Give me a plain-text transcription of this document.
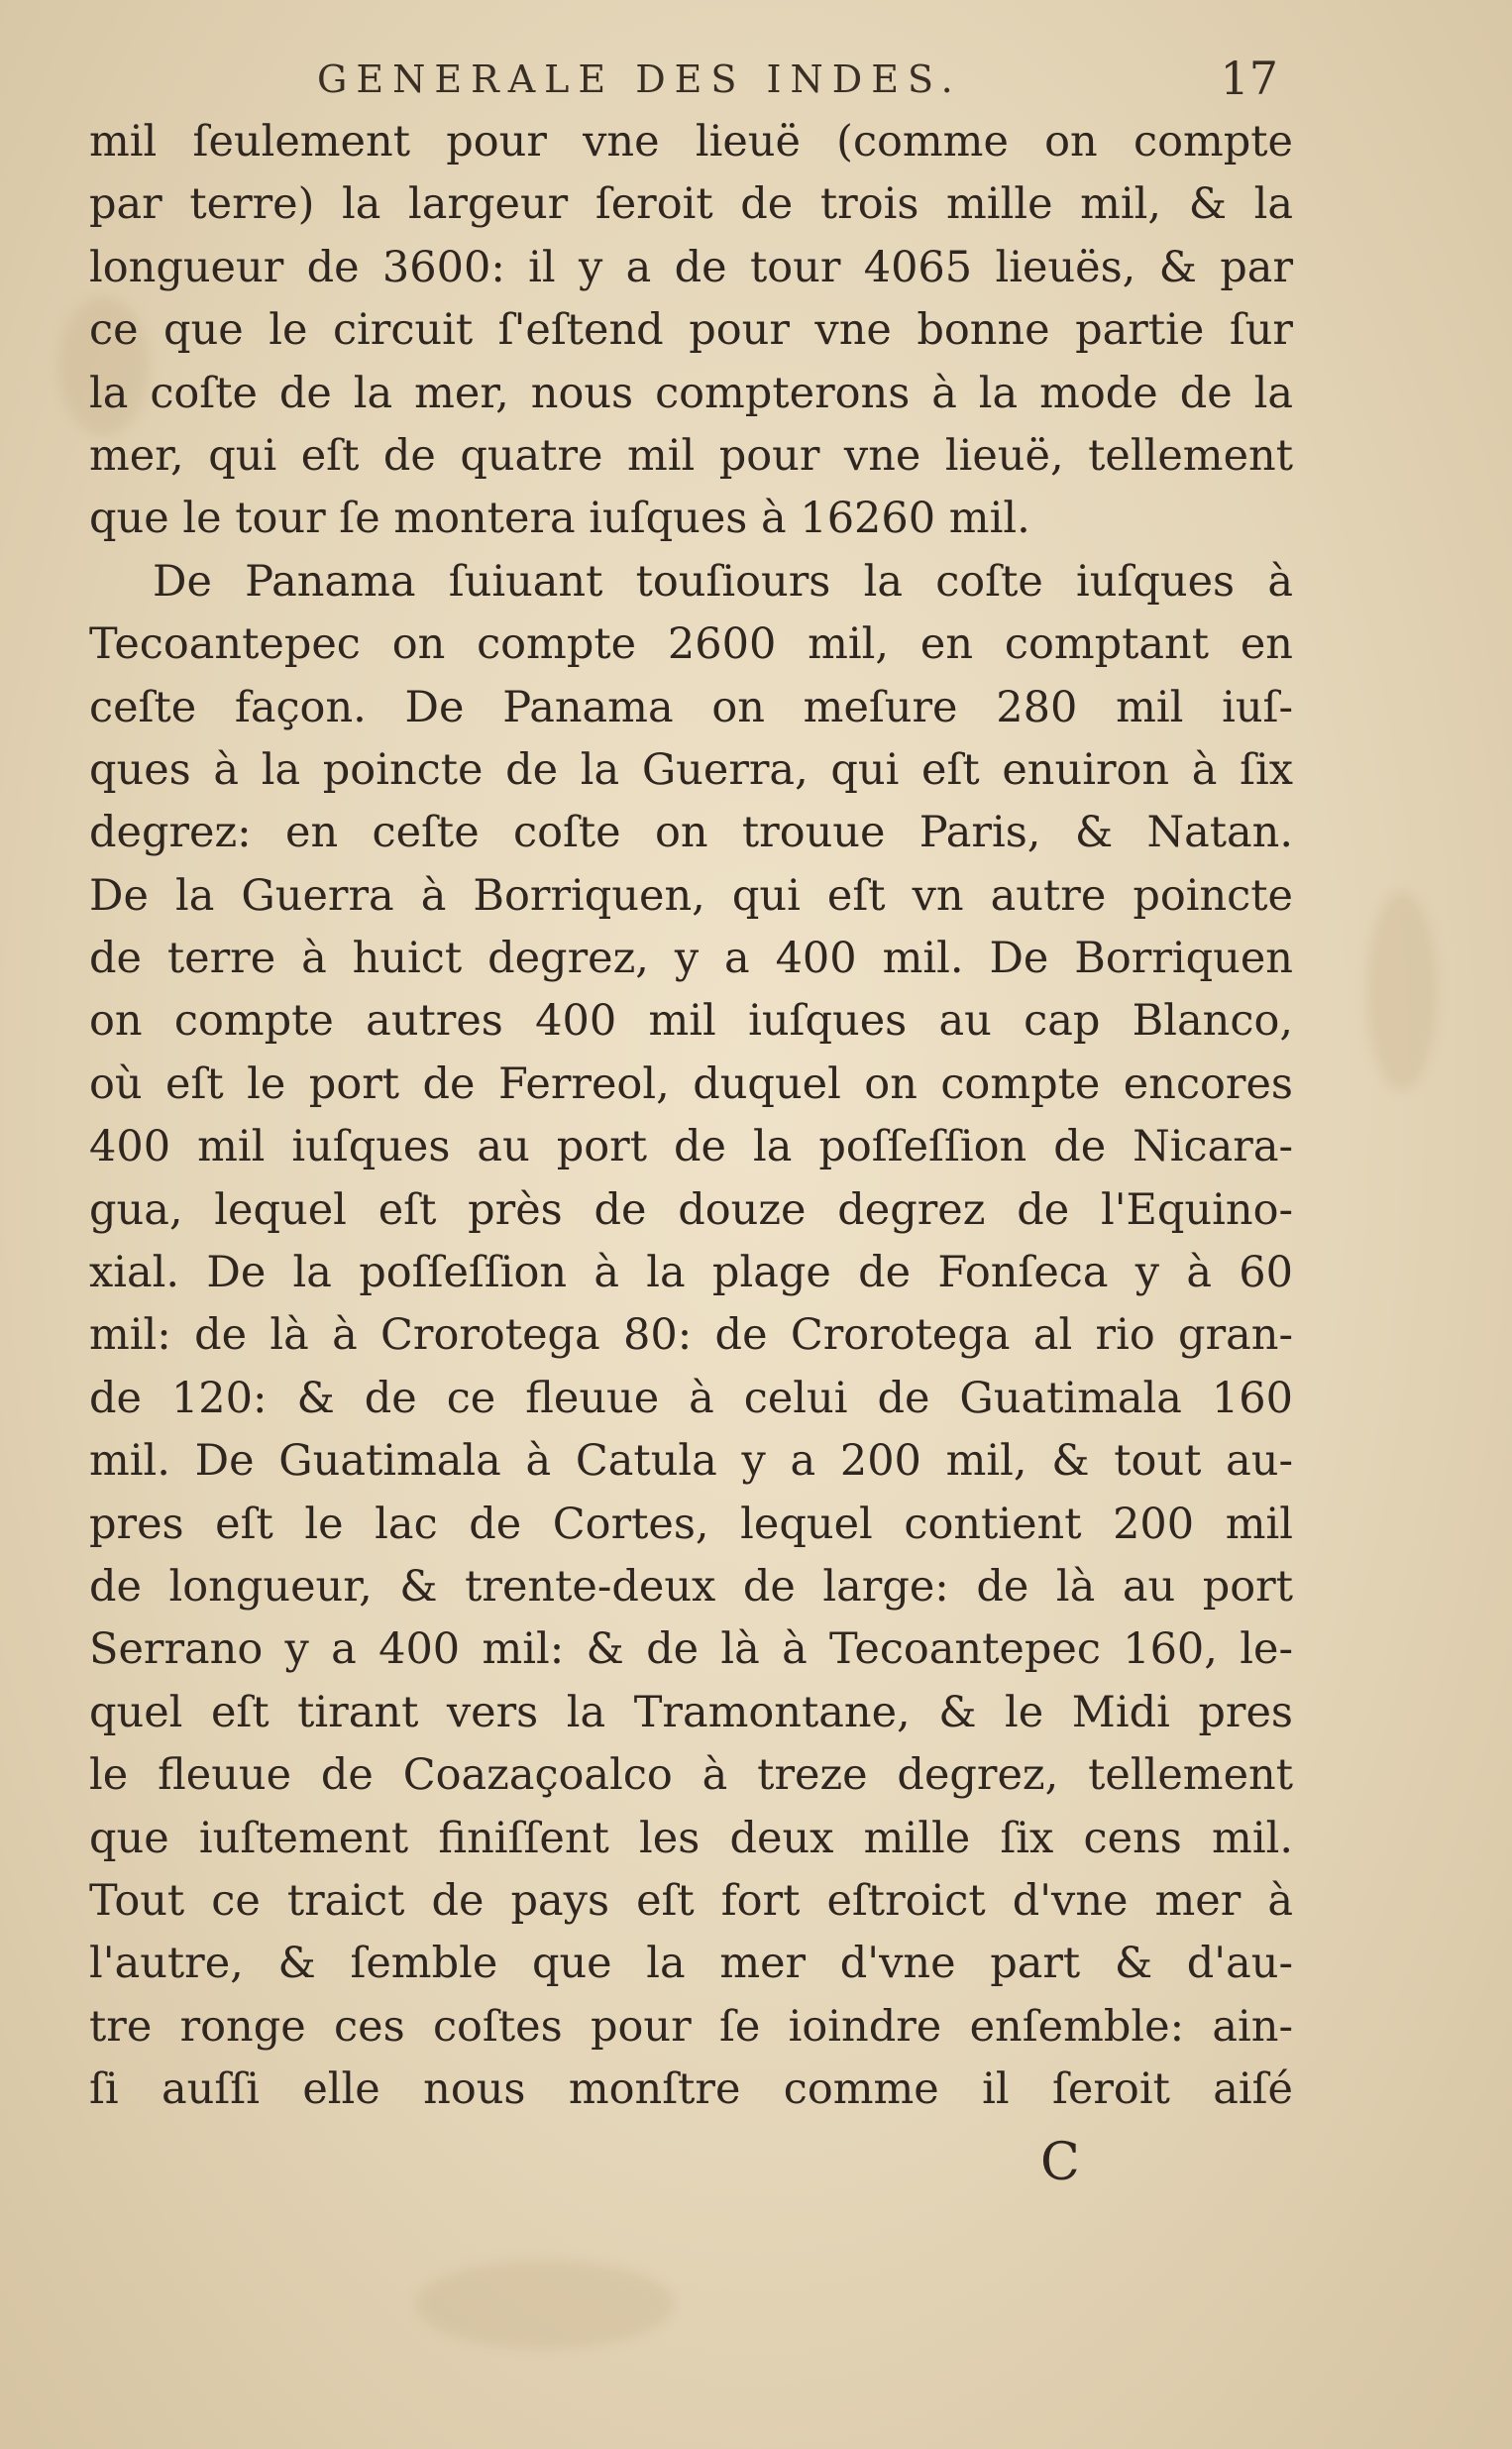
GENERALE DES INDES.	17
mil ſeulement pour vne lieuë (comme on compte
par terre) la largeur ſeroit de trois mille mil, & la
longueur de 3600: il y a de tour 4065 lieuës, & par
ce que le circuit ſ'eſtend pour vne bonne partie ſur
la coſte de la mer, nous compterons à la mode de la
mer, qui eſt de quatre mil pour vne lieuë, tellement
que le tour ſe montera iuſques à 16260 mil.
De Panama ſuiuant touſiours la coſte iuſques à
Tecoantepec on compte 2600 mil, en comptant en
ceſte façon. De Panama on meſure 280 mil iuſ-
ques à la poincte de la Guerra, qui eſt enuiron à ſix
degrez: en ceſte coſte on trouue Paris, & Natan.
De la Guerra à Borriquen, qui eſt vn autre poincte
de terre à huict degrez, y a 400 mil. De Borriquen
on compte autres 400 mil iuſques au cap Blanco,
où eſt le port de Ferreol, duquel on compte encores
400 mil iuſques au port de la poſſeſſion de Nicara-
gua, lequel eſt près de douze degrez de l'Equino-
xial. De la poſſeſſion à la plage de Fonſeca y à 60
mil: de là à Crorotega 80: de Crorotega al rio gran-
de 120: & de ce fleuue à celui de Guatimala 160
mil. De Guatimala à Catula y a 200 mil, & tout au-
pres eſt le lac de Cortes, lequel contient 200 mil
de longueur, & trente-deux de large: de là au port
Serrano y a 400 mil: & de là à Tecoantepec 160, le-
quel eſt tirant vers la Tramontane, & le Midi pres
le fleuue de Coazaçoalco à treze degrez, tellement
que iuſtement finiſſent les deux mille ſix cens mil.
Tout ce traict de pays eſt fort eſtroict d'vne mer à
l'autre, & ſemble que la mer d'vne part & d'au-
tre ronge ces coſtes pour ſe ioindre enſemble: ain-
ſi auſſi elle nous monſtre comme il ſeroit aiſé
C
